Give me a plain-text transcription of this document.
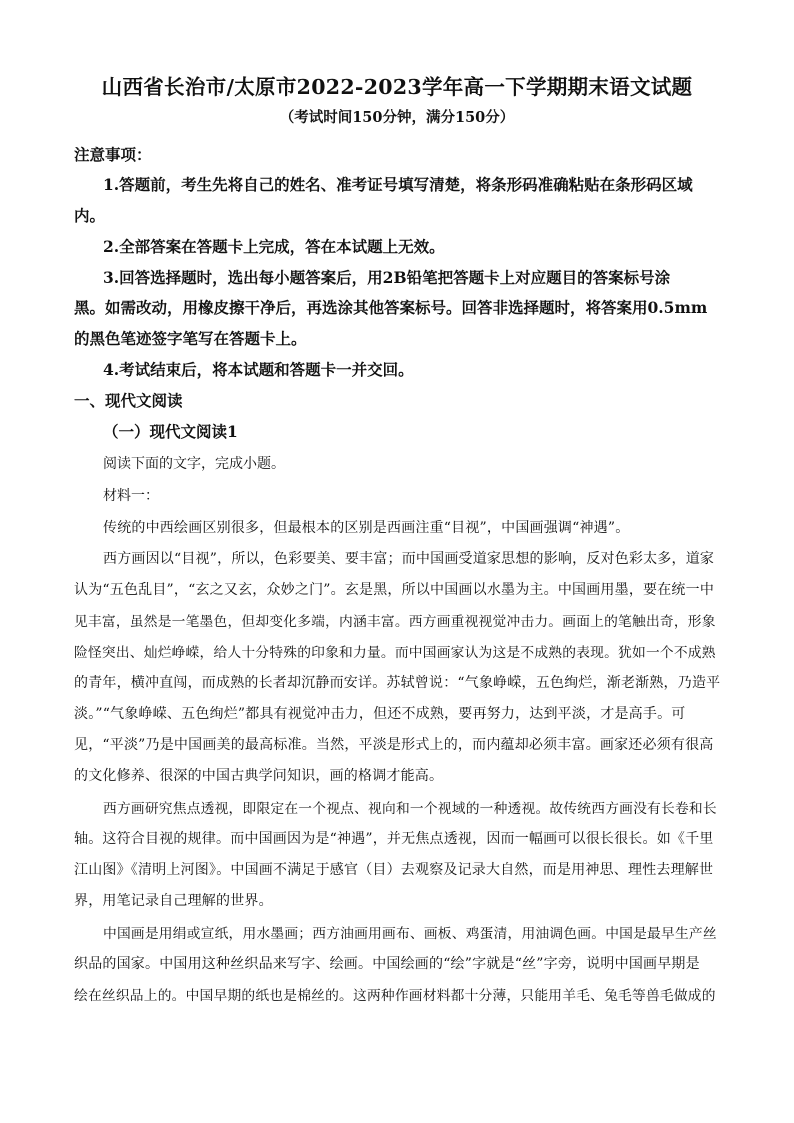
山西省长治市/太原市2022-2023学年高一下学期期末语文试题
（考试时间150分钟，满分150分）
注意事项：
1.答题前，考生先将自己的姓名、准考证号填写清楚，将条形码准确粘贴在条形码区域
内。
2.全部答案在答题卡上完成，答在本试题上无效。
3.回答选择题时，选出每小题答案后，用2B铅笔把答题卡上对应题目的答案标号涂
黑。如需改动，用橡皮擦干净后，再选涂其他答案标号。回答非选择题时，将答案用0.5mm
的黑色笔迹签字笔写在答题卡上。
4.考试结束后，将本试题和答题卡一并交回。
一、现代文阅读
（一）现代文阅读1
阅读下面的文字，完成小题。
材料一：
传统的中西绘画区别很多，但最根本的区别是西画注重“目视”，中国画强调“神遇”。
西方画因以“目视”，所以，色彩要美、要丰富；而中国画受道家思想的影响，反对色彩太多，道家
认为“五色乱目”，“玄之又玄，众妙之门”。玄是黑，所以中国画以水墨为主。中国画用墨，要在统一中
见丰富，虽然是一笔墨色，但却变化多端，内涵丰富。西方画重视视觉冲击力。画面上的笔触出奇，形象
险怪突出、灿烂峥嵘，给人十分特殊的印象和力量。而中国画家认为这是不成熟的表现。犹如一个不成熟
的青年，横冲直闯，而成熟的长者却沉静而安详。苏轼曾说：“气象峥嵘，五色绚烂，渐老渐熟，乃造平
淡。”“气象峥嵘、五色绚烂”都具有视觉冲击力，但还不成熟，要再努力，达到平淡，才是高手。可
见，“平淡”乃是中国画美的最高标准。当然，平淡是形式上的，而内蕴却必须丰富。画家还必须有很高
的文化修养、很深的中国古典学问知识，画的格调才能高。
西方画研究焦点透视，即限定在一个视点、视向和一个视域的一种透视。故传统西方画没有长卷和长
轴。这符合目视的规律。而中国画因为是“神遇”，并无焦点透视，因而一幅画可以很长很长。如《千里
江山图》《清明上河图》。中国画不满足于感官（目）去观察及记录大自然，而是用神思、理性去理解世
界，用笔记录自己理解的世界。
中国画是用绢或宣纸，用水墨画；西方油画用画布、画板、鸡蛋清，用油调色画。中国是最早生产丝
织品的国家。中国用这种丝织品来写字、绘画。中国绘画的“绘”字就是“丝”字旁，说明中国画早期是
绘在丝织品上的。中国早期的纸也是棉丝的。这两种作画材料都十分薄，只能用羊毛、兔毛等兽毛做成的
